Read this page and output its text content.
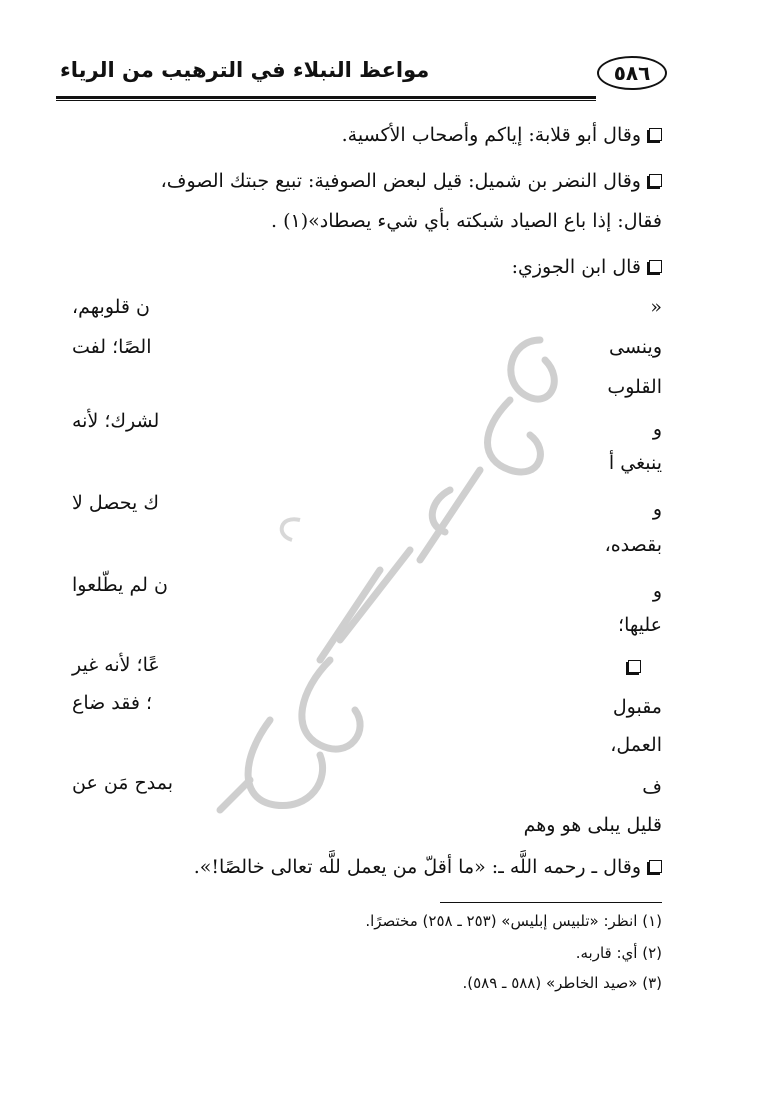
مواعظ النبلاء في الترهيب من الرياء	٥٨٦
وقال أبو قلابة: إياكم وأصحاب الأكسية.
وقال النضر بن شميل: قيل لبعض الصوفية: تبيع جبتك الصوف،
فقال: إذا باع الصياد شبكته بأي شيء يصطاد»(١) .
قال ابن الجوزي:
«
ن قلوبهم،
وينسى
الصًا؛ لفت
القلوب
و
لشرك؛ لأنه
ينبغي أ
و
ك يحصل لا
بقصده،
و
ن لم يطّلعوا
عليها؛
عًا؛ لأنه غير
مقبول
؛ فقد ضاع
العمل،
ف
بمدح مَن عن
قليل يبلى هو وهم
وقال ـ رحمه اللَّه ـ: «ما أقلّ من يعمل للَّه تعالى خالصًا!».
(١) انظر: «تلبيس إبليس» (٢٥٣ ـ ٢٥٨) مختصرًا.
(٢) أي: قاربه.
(٣) «صيد الخاطر» (٥٨٨ ـ ٥٨٩).
